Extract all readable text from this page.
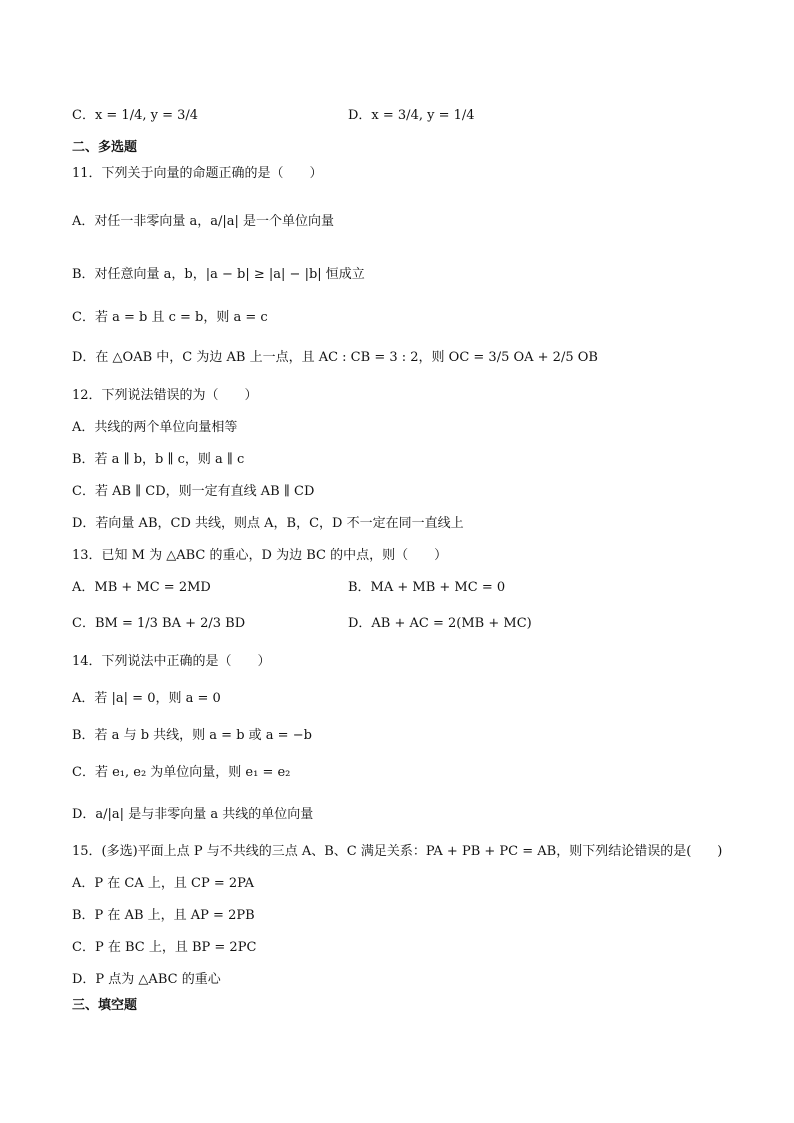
C．x = 1/4, y = 3/4	D．x = 3/4, y = 1/4
二、多选题
11．下列关于向量的命题正确的是（　　）
A．对任一非零向量 a，a/|a| 是一个单位向量
B．对任意向量 a，b，|a − b| ≥ |a| − |b| 恒成立
C．若 a = b 且 c = b，则 a = c
D．在 △OAB 中，C 为边 AB 上一点，且 AC : CB = 3 : 2，则 OC = 3/5 OA + 2/5 OB
12．下列说法错误的为（　　）
A．共线的两个单位向量相等
B．若 a ∥ b，b ∥ c，则 a ∥ c
C．若 AB ∥ CD，则一定有直线 AB ∥ CD
D．若向量 AB，CD 共线，则点 A，B，C，D 不一定在同一直线上
13．已知 M 为 △ABC 的重心，D 为边 BC 的中点，则（　　）
A．MB + MC = 2MD	B．MA + MB + MC = 0
C．BM = 1/3 BA + 2/3 BD	D．AB + AC = 2(MB + MC)
14．下列说法中正确的是（　　）
A．若 |a| = 0，则 a = 0
B．若 a 与 b 共线，则 a = b 或 a = −b
C．若 e₁, e₂ 为单位向量，则 e₁ = e₂
D．a/|a| 是与非零向量 a 共线的单位向量
15．(多选)平面上点 P 与不共线的三点 A、B、C 满足关系：PA + PB + PC = AB，则下列结论错误的是(　　)
A．P 在 CA 上，且 CP = 2PA
B．P 在 AB 上，且 AP = 2PB
C．P 在 BC 上，且 BP = 2PC
D．P 点为 △ABC 的重心
三、填空题
